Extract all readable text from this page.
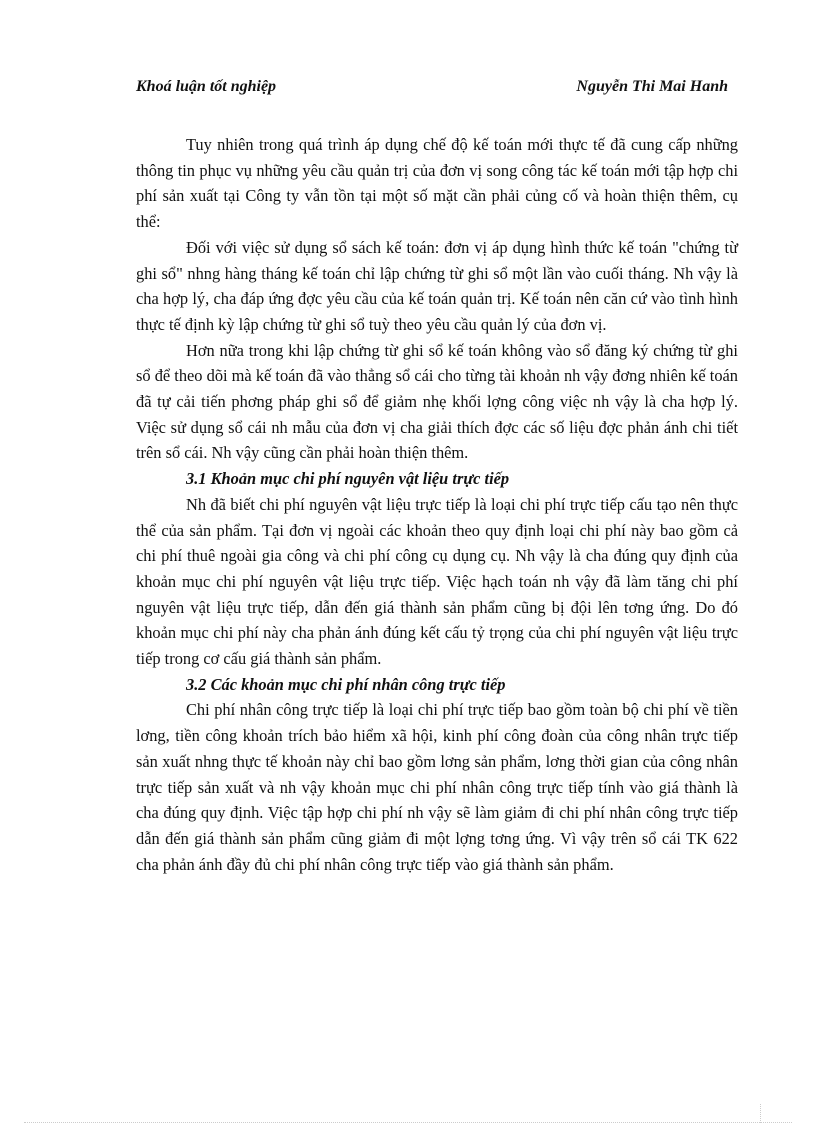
Khoá luận tốt nghiệp	Nguyễn Thi Mai Hanh

Tuy nhiên trong quá trình áp dụng chế độ kế toán mới thực tế đã cung cấp những thông tin phục vụ những yêu cầu quản trị của đơn vị song công tác kế toán mới tập hợp chi phí sản xuất tại Công ty vẫn tồn tại một số mặt cần phải củng cố và hoàn thiện thêm, cụ thể:

Đối với việc sử dụng sổ sách kế toán: đơn vị áp dụng hình thức kế toán "chứng từ ghi sổ" nhng hàng tháng kế toán chỉ lập chứng từ ghi sổ một lần vào cuối tháng. Nh vậy là cha hợp lý, cha đáp ứng đợc yêu cầu của kế toán quản trị. Kế toán nên căn cứ vào tình hình thực tế định kỳ lập chứng từ ghi sổ tuỳ theo yêu cầu quản lý của đơn vị.

Hơn nữa trong khi lập chứng từ ghi sổ kế toán không vào sổ đăng ký chứng từ ghi sổ để theo dõi mà kế toán đã vào thẳng sổ cái cho từng tài khoản nh vậy đơng nhiên kế toán đã tự cải tiến phơng pháp ghi sổ để giảm nhẹ khối lợng công việc nh vậy là cha hợp lý. Việc sử dụng sổ cái nh mẫu của đơn vị cha giải thích đợc các số liệu đợc phản ánh chi tiết trên sổ cái. Nh vậy cũng cần phải hoàn thiện thêm.

3.1 Khoản mục chi phí nguyên vật liệu trực tiếp

Nh đã biết chi phí nguyên vật liệu trực tiếp là loại chi phí trực tiếp cấu tạo nên thực thể của sản phẩm. Tại đơn vị ngoài các khoản theo quy định loại chi phí này bao gồm cả chi phí thuê ngoài gia công và chi phí công cụ dụng cụ. Nh vậy là cha đúng quy định của khoản mục chi phí nguyên vật liệu trực tiếp. Việc hạch toán nh vậy đã làm tăng chi phí nguyên vật liệu trực tiếp, dẫn đến giá thành sản phẩm cũng bị đội lên tơng ứng. Do đó khoản mục chi phí này cha phản ánh đúng kết cấu tỷ trọng của chi phí nguyên vật liệu trực tiếp trong cơ cấu giá thành sản phẩm.

3.2 Các khoản mục chi phí nhân công trực tiếp

Chi phí nhân công trực tiếp là loại chi phí trực tiếp bao gồm toàn bộ chi phí về tiền lơng, tiền công khoản trích bảo hiểm xã hội, kinh phí công đoàn của công nhân trực tiếp sản xuất nhng thực tế khoản này chỉ bao gồm lơng sản phẩm, lơng thời gian của công nhân trực tiếp sản xuất và nh vậy khoản mục chi phí nhân công trực tiếp tính vào giá thành là cha đúng quy định. Việc tập hợp chi phí nh vậy sẽ làm giảm đi chi phí nhân công trực tiếp dẫn đến giá thành sản phẩm cũng giảm đi một lợng tơng ứng. Vì vậy trên sổ cái TK 622 cha phản ánh đầy đủ chi phí nhân công trực tiếp vào giá thành sản phẩm.
